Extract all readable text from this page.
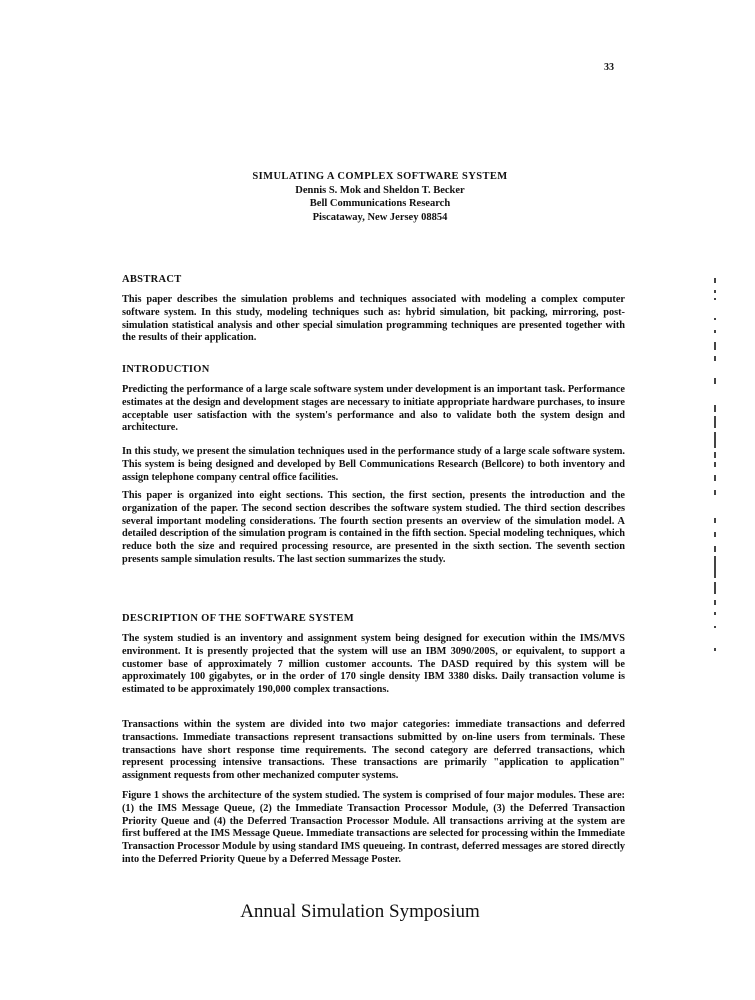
33
SIMULATING A COMPLEX SOFTWARE SYSTEM
Dennis S. Mok and Sheldon T. Becker
Bell Communications Research
Piscataway, New Jersey 08854
ABSTRACT

This paper describes the simulation problems and techniques associated with modeling a complex computer software system. In this study, modeling techniques such as: hybrid simulation, bit packing, mirroring, post-simulation statistical analysis and other special simulation programming techniques are presented together with the results of their application.

INTRODUCTION

Predicting the performance of a large scale software system under development is an important task. Performance estimates at the design and development stages are necessary to initiate appropriate hardware purchases, to insure acceptable user satisfaction with the system's performance and also to validate both the system design and architecture.

In this study, we present the simulation techniques used in the performance study of a large scale software system. This system is being designed and developed by Bell Communications Research (Bellcore) to both inventory and assign telephone company central office facilities.

This paper is organized into eight sections. This section, the first section, presents the introduction and the organization of the paper. The second section describes the software system studied. The third section describes several important modeling considerations. The fourth section presents an overview of the simulation model. A detailed description of the simulation program is contained in the fifth section. Special modeling techniques, which reduce both the size and required processing resource, are presented in the sixth section. The seventh section presents sample simulation results. The last section summarizes the study.

DESCRIPTION OF THE SOFTWARE SYSTEM

The system studied is an inventory and assignment system being designed for execution within the IMS/MVS environment. It is presently projected that the system will use an IBM 3090/200S, or equivalent, to support a customer base of approximately 7 million customer accounts. The DASD required by this system will be approximately 100 gigabytes, or in the order of 170 single density IBM 3380 disks. Daily transaction volume is estimated to be approximately 190,000 complex transactions.

Transactions within the system are divided into two major categories: immediate transactions and deferred transactions. Immediate transactions represent transactions submitted by on-line users from terminals. These transactions have short response time requirements. The second category are deferred transactions, which represent processing intensive transactions. These transactions are primarily "application to application" assignment requests from other mechanized computer systems.

Figure 1 shows the architecture of the system studied. The system is comprised of four major modules. These are: (1) the IMS Message Queue, (2) the Immediate Transaction Processor Module, (3) the Deferred Transaction Priority Queue and (4) the Deferred Transaction Processor Module. All transactions arriving at the system are first buffered at the IMS Message Queue. Immediate transactions are selected for processing within the Immediate Transaction Processor Module by using standard IMS queueing. In contrast, deferred messages are stored directly into the Deferred Priority Queue by a Deferred Message Poster.

Annual Simulation Symposium
